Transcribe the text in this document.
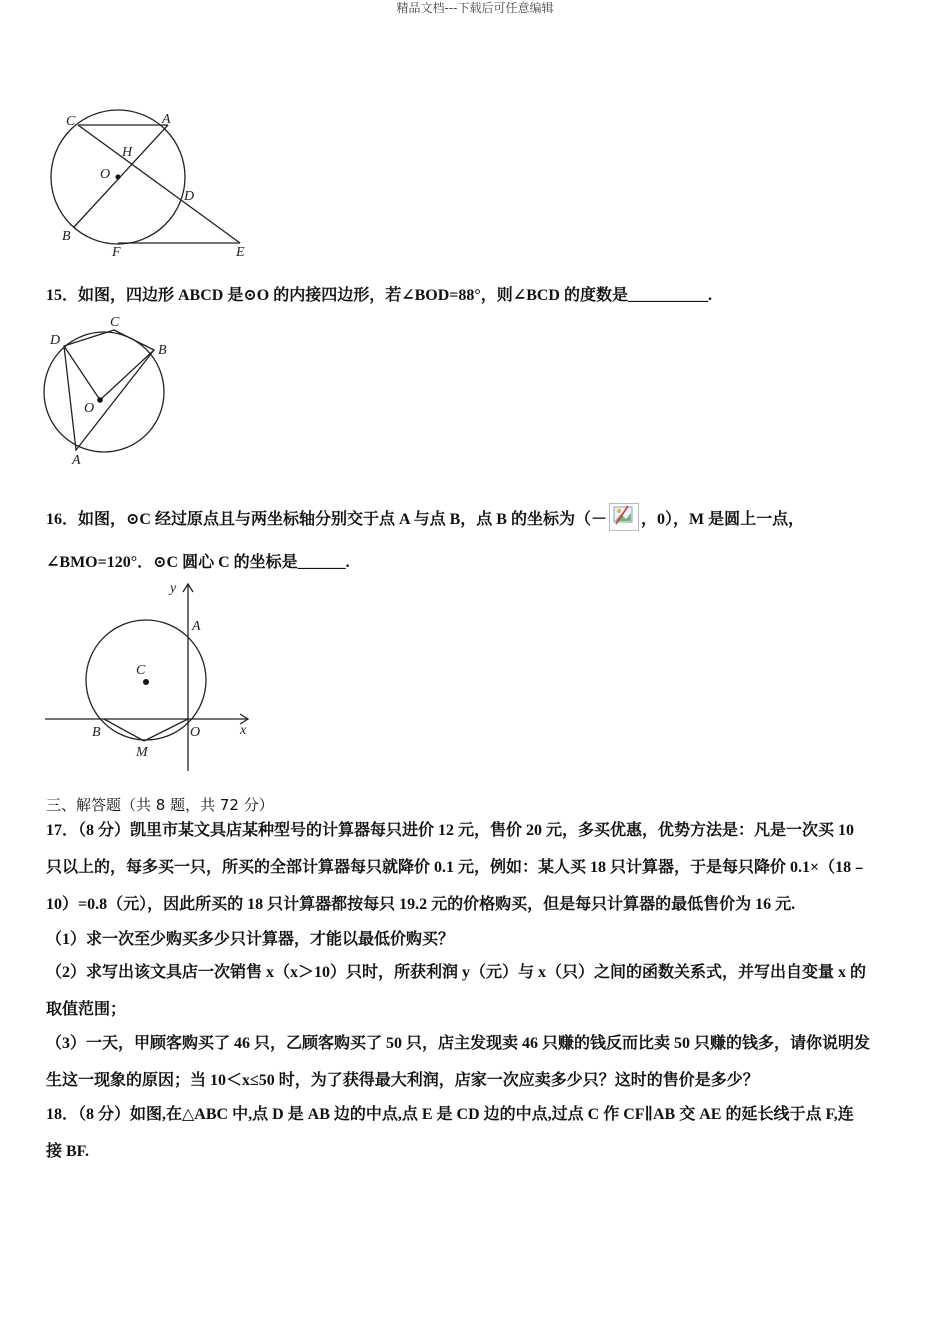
精品文档---下载后可任意编辑
C	A
H
O
D
B
F	E
15．如图，四边形 ABCD 是⊙O 的内接四边形，若∠BOD=88°，则∠BCD 的度数是__________.
D
C
B
O
A
16．如图，⊙C 经过原点且与两坐标轴分别交于点 A 与点 B，点 B 的坐标为（－ ，0），M 是圆上一点，
∠BMO=120°．⊙C 圆心 C 的坐标是______.
y
A
C
B	O	x
M
三、解答题（共 8 题，共 72 分）
17．（8 分）凯里市某文具店某种型号的计算器每只进价 12 元，售价 20 元，多买优惠，优势方法是：凡是一次买 10
只以上的，每多买一只，所买的全部计算器每只就降价 0.1 元，例如：某人买 18 只计算器，于是每只降价 0.1×（18﹣
10）=0.8（元），因此所买的 18 只计算器都按每只 19.2 元的价格购买，但是每只计算器的最低售价为 16 元.
（1）求一次至少购买多少只计算器，才能以最低价购买？
（2）求写出该文具店一次销售 x（x＞10）只时，所获利润 y（元）与 x（只）之间的函数关系式，并写出自变量 x 的
取值范围；
（3）一天，甲顾客购买了 46 只，乙顾客购买了 50 只，店主发现卖 46 只赚的钱反而比卖 50 只赚的钱多，请你说明发
生这一现象的原因；当 10＜x≤50 时，为了获得最大利润，店家一次应卖多少只？这时的售价是多少？
18．（8 分）如图,在△ABC 中,点 D 是 AB 边的中点,点 E 是 CD 边的中点,过点 C 作 CF∥AB 交 AE 的延长线于点 F,连
接 BF.
